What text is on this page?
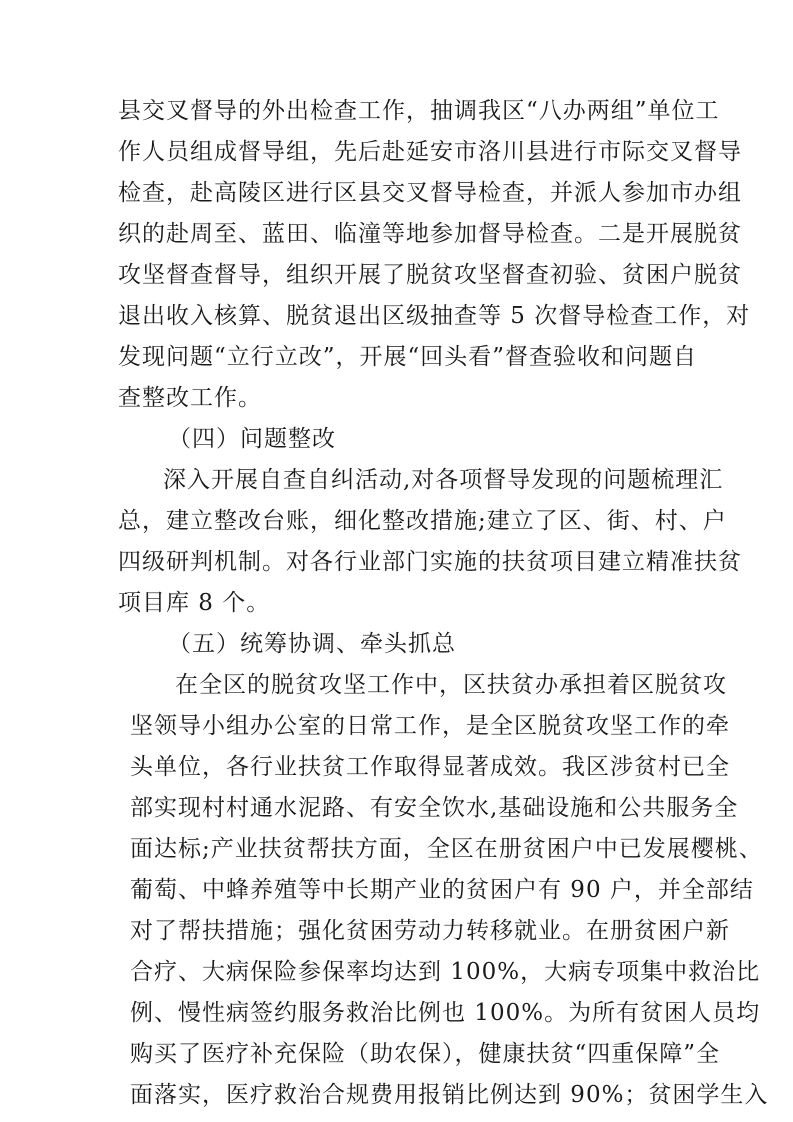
县交叉督导的外出检查工作，抽调我区“八办两组”单位工
作人员组成督导组，先后赴延安市洛川县进行市际交叉督导
检查，赴高陵区进行区县交叉督导检查，并派人参加市办组
织的赴周至、蓝田、临潼等地参加督导检查。二是开展脱贫
攻坚督查督导，组织开展了脱贫攻坚督查初验、贫困户脱贫
退出收入核算、脱贫退出区级抽查等 5 次督导检查工作，对
发现问题“立行立改”，开展“回头看”督查验收和问题自
查整改工作。
（四）问题整改
深入开展自查自纠活动,对各项督导发现的问题梳理汇
总，建立整改台账，细化整改措施;建立了区、街、村、户
四级研判机制。对各行业部门实施的扶贫项目建立精准扶贫
项目库 8 个。
（五）统筹协调、牵头抓总
在全区的脱贫攻坚工作中，区扶贫办承担着区脱贫攻
坚领导小组办公室的日常工作，是全区脱贫攻坚工作的牵
头单位，各行业扶贫工作取得显著成效。我区涉贫村已全
部实现村村通水泥路、有安全饮水,基础设施和公共服务全
面达标;产业扶贫帮扶方面，全区在册贫困户中已发展樱桃、
葡萄、中蜂养殖等中长期产业的贫困户有 90 户，并全部结
对了帮扶措施；强化贫困劳动力转移就业。在册贫困户新
合疗、大病保险参保率均达到 100%，大病专项集中救治比
例、慢性病签约服务救治比例也 100%。为所有贫困人员均
购买了医疗补充保险（助农保），健康扶贫“四重保障”全
面落实，医疗救治合规费用报销比例达到 90%；贫困学生入
